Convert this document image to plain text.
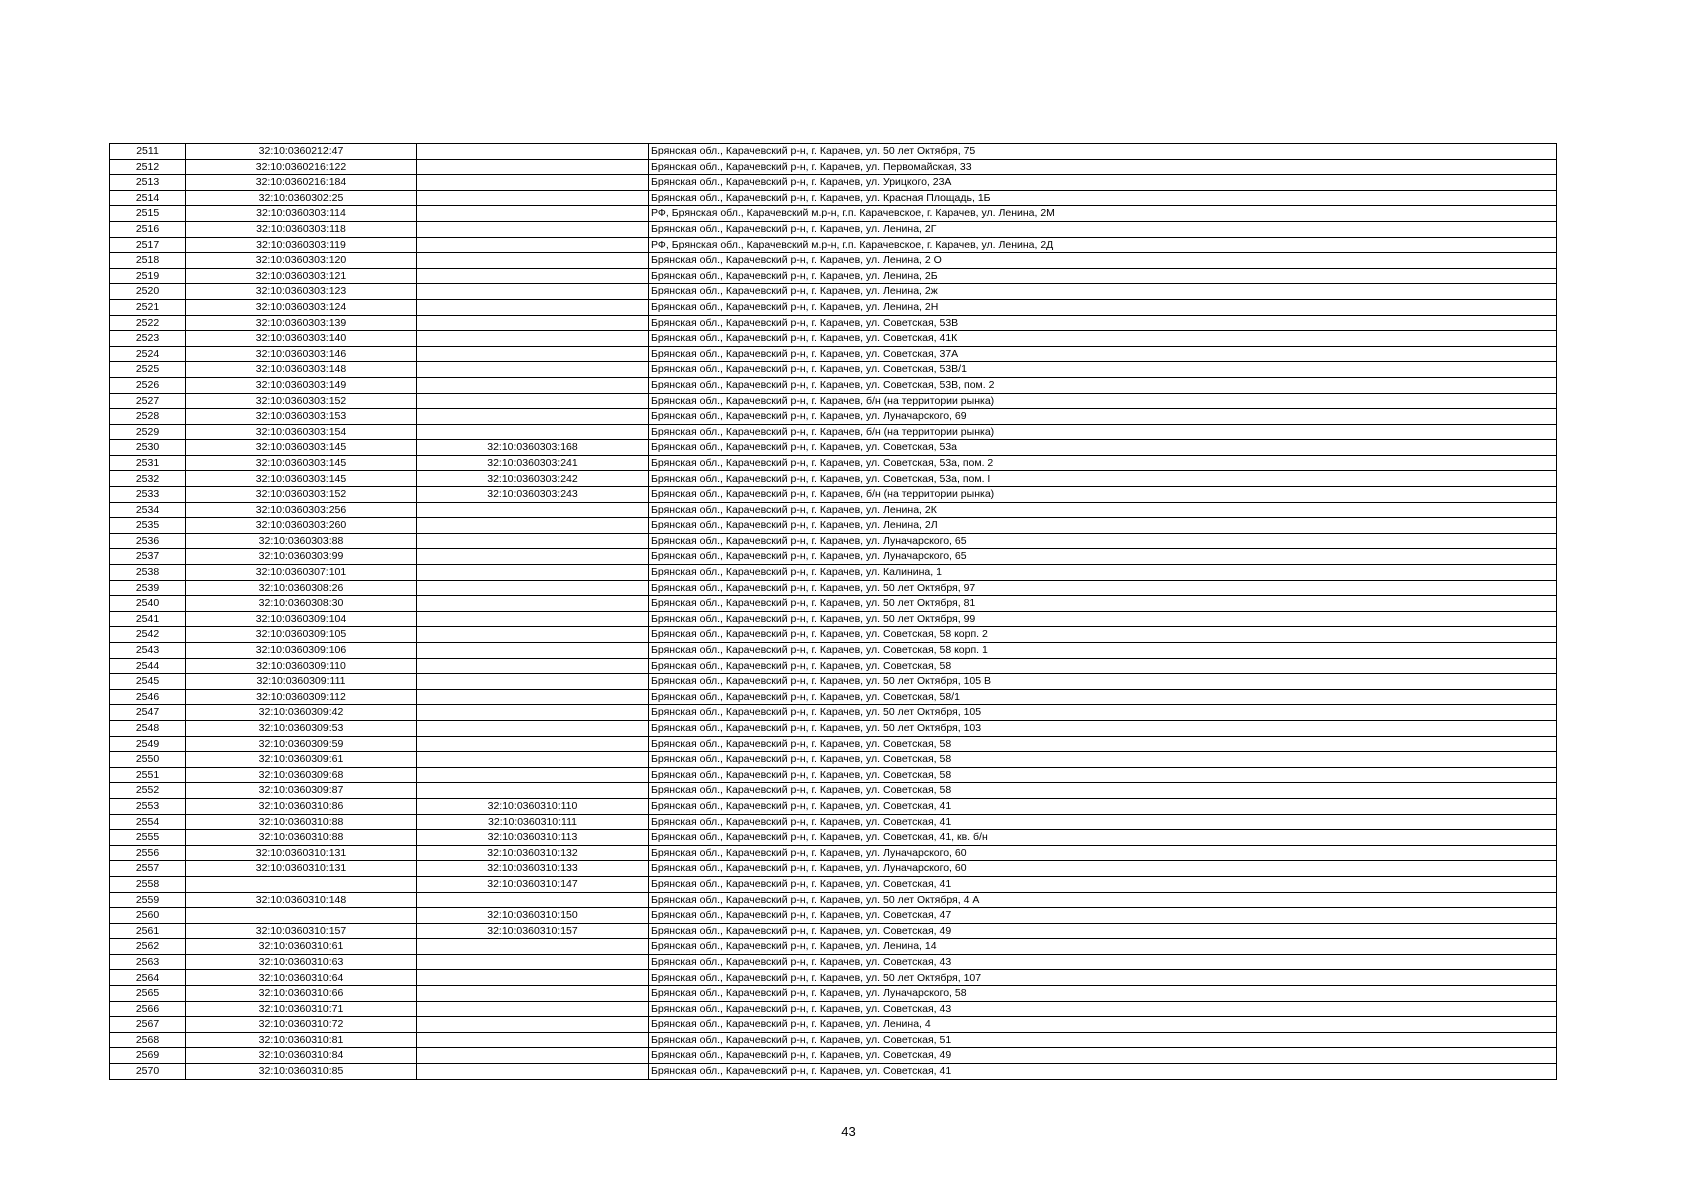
2511	32:10:0360212:47		Брянская обл., Карачевский р-н, г. Карачев, ул. 50 лет Октября, 75
2512	32:10:0360216:122		Брянская обл., Карачевский р-н, г. Карачев, ул. Первомайская, 33
2513	32:10:0360216:184		Брянская обл., Карачевский р-н, г. Карачев, ул. Урицкого, 23А
2514	32:10:0360302:25		Брянская обл., Карачевский р-н, г. Карачев, ул. Красная Площадь, 1Б
2515	32:10:0360303:114		РФ, Брянская обл., Карачевский м.р-н, г.п. Карачевское, г. Карачев, ул. Ленина, 2М
2516	32:10:0360303:118		Брянская обл., Карачевский р-н, г. Карачев, ул. Ленина, 2Г
2517	32:10:0360303:119		РФ, Брянская обл., Карачевский м.р-н, г.п. Карачевское, г. Карачев, ул. Ленина, 2Д
2518	32:10:0360303:120		Брянская обл., Карачевский р-н, г. Карачев, ул. Ленина, 2 О
2519	32:10:0360303:121		Брянская обл., Карачевский р-н, г. Карачев, ул. Ленина, 2Б
2520	32:10:0360303:123		Брянская обл., Карачевский р-н, г. Карачев, ул. Ленина, 2ж
2521	32:10:0360303:124		Брянская обл., Карачевский р-н, г. Карачев, ул. Ленина, 2Н
2522	32:10:0360303:139		Брянская обл., Карачевский р-н, г. Карачев, ул. Советская, 53В
2523	32:10:0360303:140		Брянская обл., Карачевский р-н, г. Карачев, ул. Советская, 41К
2524	32:10:0360303:146		Брянская обл., Карачевский р-н, г. Карачев, ул. Советская, 37А
2525	32:10:0360303:148		Брянская обл., Карачевский р-н, г. Карачев, ул. Советская, 53В/1
2526	32:10:0360303:149		Брянская обл., Карачевский р-н, г. Карачев, ул. Советская, 53В, пом. 2
2527	32:10:0360303:152		Брянская обл., Карачевский р-н, г. Карачев, б/н (на территории рынка)
2528	32:10:0360303:153		Брянская обл., Карачевский р-н, г. Карачев, ул. Луначарского, 69
2529	32:10:0360303:154		Брянская обл., Карачевский р-н, г. Карачев, б/н (на территории рынка)
2530	32:10:0360303:145	32:10:0360303:168	Брянская обл., Карачевский р-н, г. Карачев, ул. Советская, 53а
2531	32:10:0360303:145	32:10:0360303:241	Брянская обл., Карачевский р-н, г. Карачев, ул. Советская, 53а, пом. 2
2532	32:10:0360303:145	32:10:0360303:242	Брянская обл., Карачевский р-н, г. Карачев, ул. Советская, 53а, пом. I
2533	32:10:0360303:152	32:10:0360303:243	Брянская обл., Карачевский р-н, г. Карачев, б/н (на территории рынка)
2534	32:10:0360303:256		Брянская обл., Карачевский р-н, г. Карачев, ул. Ленина, 2К
2535	32:10:0360303:260		Брянская обл., Карачевский р-н, г. Карачев, ул. Ленина, 2Л
2536	32:10:0360303:88		Брянская обл., Карачевский р-н, г. Карачев, ул. Луначарского, 65
2537	32:10:0360303:99		Брянская обл., Карачевский р-н, г. Карачев, ул. Луначарского, 65
2538	32:10:0360307:101		Брянская обл., Карачевский р-н, г. Карачев, ул. Калинина, 1
2539	32:10:0360308:26		Брянская обл., Карачевский р-н, г. Карачев, ул. 50 лет Октября, 97
2540	32:10:0360308:30		Брянская обл., Карачевский р-н, г. Карачев, ул. 50 лет Октября, 81
2541	32:10:0360309:104		Брянская обл., Карачевский р-н, г. Карачев, ул. 50 лет Октября, 99
2542	32:10:0360309:105		Брянская обл., Карачевский р-н, г. Карачев, ул. Советская, 58 корп. 2
2543	32:10:0360309:106		Брянская обл., Карачевский р-н, г. Карачев, ул. Советская, 58 корп. 1
2544	32:10:0360309:110		Брянская обл., Карачевский р-н, г. Карачев, ул. Советская, 58
2545	32:10:0360309:111		Брянская обл., Карачевский р-н, г. Карачев, ул. 50 лет Октября, 105 В
2546	32:10:0360309:112		Брянская обл., Карачевский р-н, г. Карачев, ул. Советская, 58/1
2547	32:10:0360309:42		Брянская обл., Карачевский р-н, г. Карачев, ул. 50 лет Октября, 105
2548	32:10:0360309:53		Брянская обл., Карачевский р-н, г. Карачев, ул. 50 лет Октября, 103
2549	32:10:0360309:59		Брянская обл., Карачевский р-н, г. Карачев, ул. Советская, 58
2550	32:10:0360309:61		Брянская обл., Карачевский р-н, г. Карачев, ул. Советская, 58
2551	32:10:0360309:68		Брянская обл., Карачевский р-н, г. Карачев, ул. Советская, 58
2552	32:10:0360309:87		Брянская обл., Карачевский р-н, г. Карачев, ул. Советская, 58
2553	32:10:0360310:86	32:10:0360310:110	Брянская обл., Карачевский р-н, г. Карачев, ул. Советская, 41
2554	32:10:0360310:88	32:10:0360310:111	Брянская обл., Карачевский р-н, г. Карачев, ул. Советская, 41
2555	32:10:0360310:88	32:10:0360310:113	Брянская обл., Карачевский р-н, г. Карачев, ул. Советская, 41, кв. б/н
2556	32:10:0360310:131	32:10:0360310:132	Брянская обл., Карачевский р-н, г. Карачев, ул. Луначарского, 60
2557	32:10:0360310:131	32:10:0360310:133	Брянская обл., Карачевский р-н, г. Карачев, ул. Луначарского, 60
2558		32:10:0360310:147	Брянская обл., Карачевский р-н, г. Карачев, ул. Советская, 41
2559	32:10:0360310:148		Брянская обл., Карачевский р-н, г. Карачев, ул. 50 лет Октября, 4 А
2560		32:10:0360310:150	Брянская обл., Карачевский р-н, г. Карачев, ул. Советская, 47
2561	32:10:0360310:157	32:10:0360310:157	Брянская обл., Карачевский р-н, г. Карачев, ул. Советская, 49
2562	32:10:0360310:61		Брянская обл., Карачевский р-н, г. Карачев, ул. Ленина, 14
2563	32:10:0360310:63		Брянская обл., Карачевский р-н, г. Карачев, ул. Советская, 43
2564	32:10:0360310:64		Брянская обл., Карачевский р-н, г. Карачев, ул. 50 лет Октября, 107
2565	32:10:0360310:66		Брянская обл., Карачевский р-н, г. Карачев, ул. Луначарского, 58
2566	32:10:0360310:71		Брянская обл., Карачевский р-н, г. Карачев, ул. Советская, 43
2567	32:10:0360310:72		Брянская обл., Карачевский р-н, г. Карачев, ул. Ленина, 4
2568	32:10:0360310:81		Брянская обл., Карачевский р-н, г. Карачев, ул. Советская, 51
2569	32:10:0360310:84		Брянская обл., Карачевский р-н, г. Карачев, ул. Советская, 49
2570	32:10:0360310:85		Брянская обл., Карачевский р-н, г. Карачев, ул. Советская, 41
43
